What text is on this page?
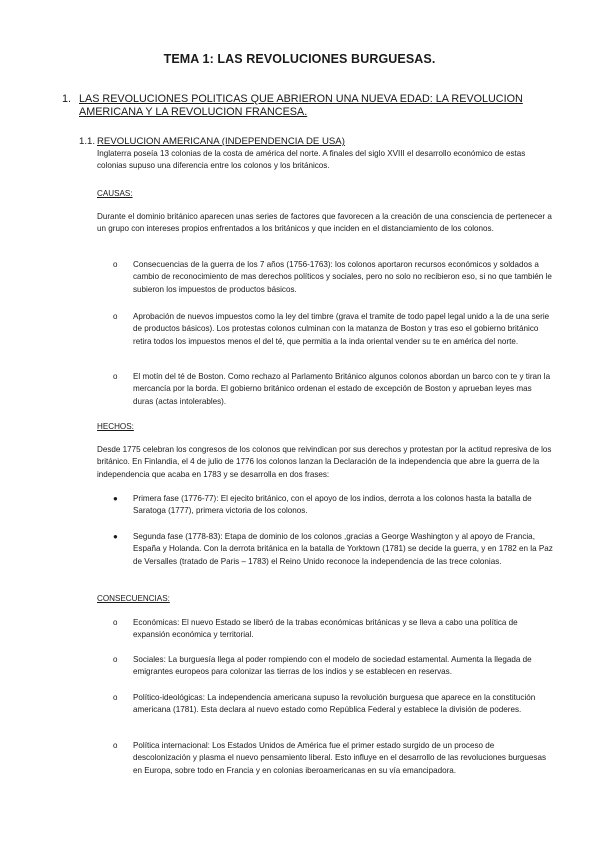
TEMA 1: LAS REVOLUCIONES BURGUESAS.
1. LAS REVOLUCIONES POLITICAS QUE ABRIERON UNA NUEVA EDAD: LA REVOLUCION AMERICANA Y LA REVOLUCION FRANCESA.
1.1. REVOLUCION AMERICANA (INDEPENDENCIA DE USA)
Inglaterra poseía 13 colonias de la costa de américa del norte. A finales del siglo XVIII el desarrollo económico de estas colonias supuso una diferencia entre los colonos y los británicos.
CAUSAS:
Durante el dominio británico aparecen unas series de factores que favorecen a la creación de una consciencia de pertenecer a un grupo con intereses propios enfrentados a los británicos y que inciden en el distanciamiento de los colonos.
o	Consecuencias de la guerra de los 7 años (1756-1763): los colonos aportaron recursos económicos y soldados a cambio de reconocimiento de mas derechos políticos y sociales, pero no solo no recibieron eso, si no que también le subieron los impuestos de productos básicos.
o	Aprobación de nuevos impuestos como la ley del timbre (grava el tramite de todo papel legal unido a la de una serie de productos básicos). Los protestas colonos culminan con la matanza de Boston y tras eso el gobierno británico retira todos los impuestos menos el del té, que permitia a la inda oriental vender su te en américa del norte.
o	El motín del té de Boston. Como rechazo al Parlamento Británico algunos colonos abordan un barco con te y tiran la mercancía por la borda. El gobierno británico ordenan el estado de excepción de Boston y aprueban leyes mas duras (actas intolerables).
HECHOS:
Desde 1775 celebran los congresos de los colonos que reivindican por sus derechos y protestan por la actitud represiva de los británico. En Finlandia, el 4 de julio de 1776 los colonos lanzan la Declaración de la independencia que abre la guerra de la independencia que acaba en 1783 y se desarrolla en dos frases:
●	Primera fase (1776-77): El ejecito británico, con el apoyo de los indios, derrota a los colonos hasta la batalla de Saratoga (1777), primera victoria de los colonos.
●	Segunda fase (1778-83): Etapa de dominio de los colonos ,gracias a George Washington y al apoyo de Francia, España y Holanda. Con la derrota británica en la batalla de Yorktown (1781) se decide la guerra, y en 1782 en la Paz de Versalles (tratado de Paris – 1783) el Reino Unido reconoce la independencia de las trece colonias.
CONSECUENCIAS:
o	Económicas: El nuevo Estado se liberó de la trabas económicas británicas y se lleva a cabo una política de expansión económica y territorial.
o	Sociales: La burguesía llega al poder rompiendo con el modelo de sociedad estamental. Aumenta la llegada de emigrantes europeos para colonizar las tierras de los indios y se establecen en reservas.
o	Político-ideológicas: La independencia americana supuso la revolución burguesa que aparece en la constitución americana (1781). Esta declara al nuevo estado como República Federal y establece la división de poderes.
o	Política internacional: Los Estados Unidos de América fue el primer estado surgido de un proceso de descolonización y plasma el nuevo pensamiento liberal. Esto influye en el desarrollo de las revoluciones burguesas en Europa, sobre todo en Francia y en colonias iberoamericanas en su vía emancipadora.
